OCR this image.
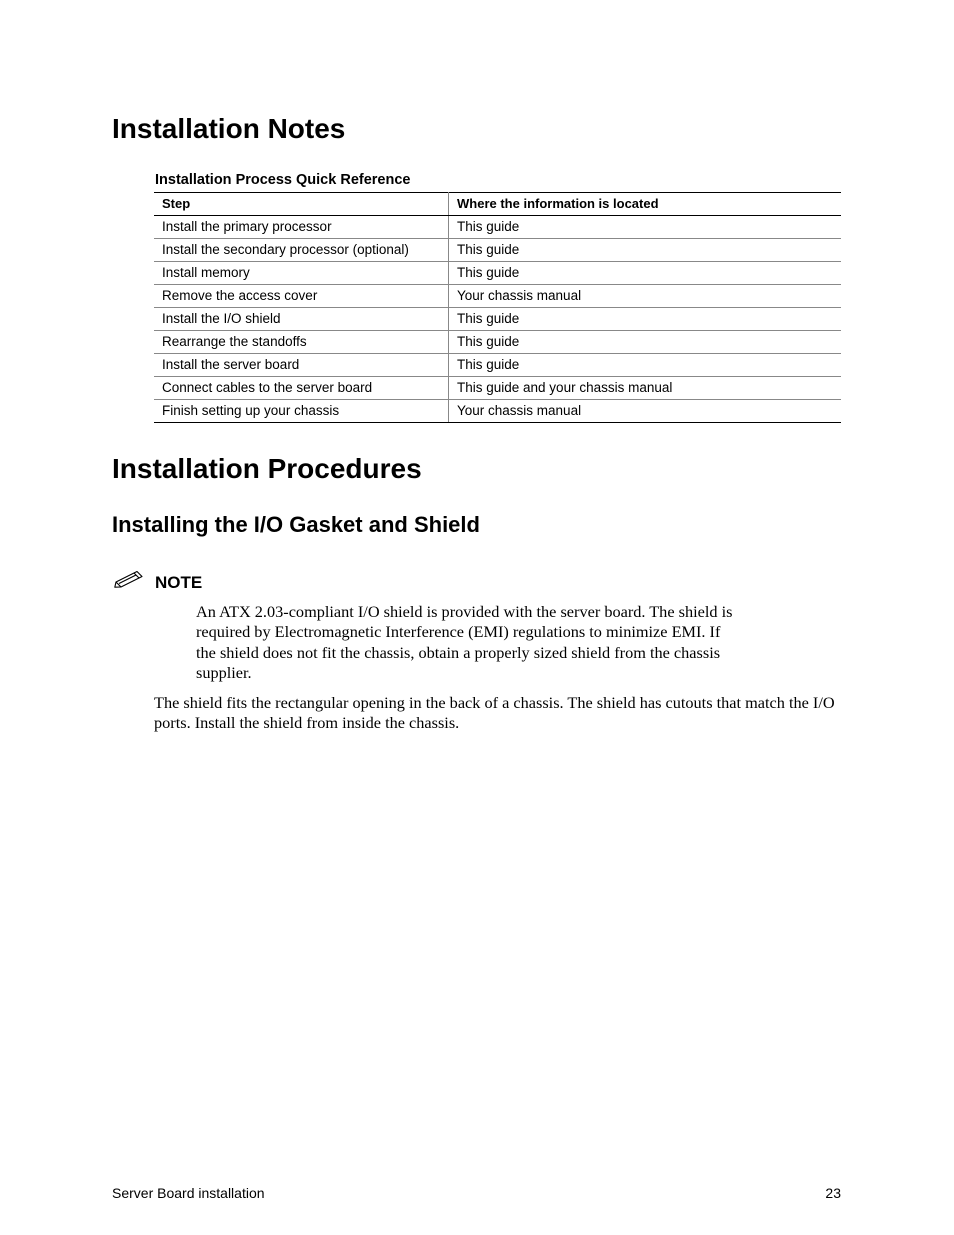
Installation Notes
Installation Process Quick Reference
Step	Where the information is located
Install the primary processor	This guide
Install the secondary processor (optional)	This guide
Install memory	This guide
Remove the access cover	Your chassis manual
Install the I/O shield	This guide
Rearrange the standoffs	This guide
Install the server board	This guide
Connect cables to the server board	This guide and your chassis manual
Finish setting up your chassis	Your chassis manual
Installation Procedures
Installing the I/O Gasket and Shield
NOTE

An ATX 2.03-compliant I/O shield is provided with the server board. The shield is required by Electromagnetic Interference (EMI) regulations to minimize EMI. If the shield does not fit the chassis, obtain a properly sized shield from the chassis supplier.

The shield fits the rectangular opening in the back of a chassis. The shield has cutouts that match the I/O ports. Install the shield from inside the chassis.

Server Board installation	23
